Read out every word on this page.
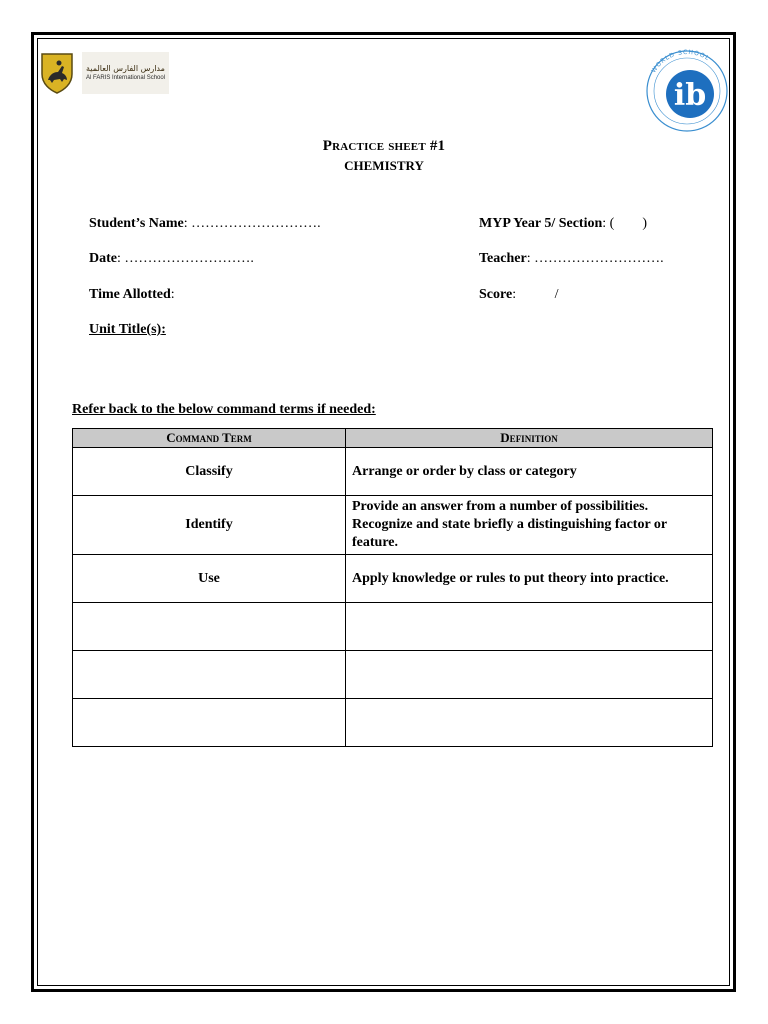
مدارس الفارس العالمية
Al FARIS International School
WORLD SCHOOL
ib
Practice sheet #1
CHEMISTRY
Student’s Name: ……………………….	MYP Year 5/ Section: (        )
Date: ……………………….	Teacher: ……………………….
Time Allotted:	Score:           /
Unit Title(s):
Refer back to the below command terms if needed:
Command Term	Definition
Classify	Arrange or order by class or category
Identify	Provide an answer from a number of possibilities. Recognize and state briefly a distinguishing factor or feature.
Use	Apply knowledge or rules to put theory into practice.
